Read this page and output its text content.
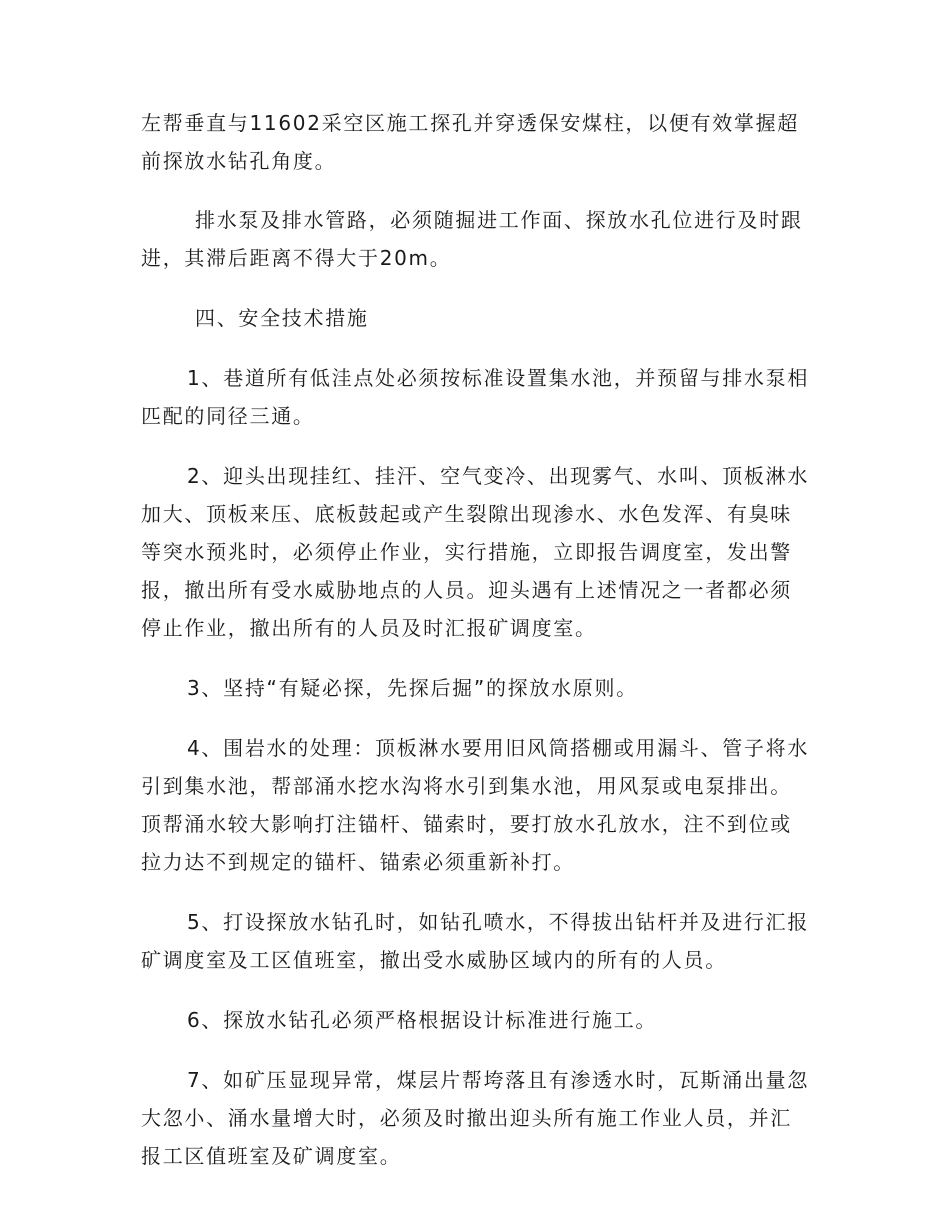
左帮垂直与11602采空区施工探孔并穿透保安煤柱，以便有效掌握超前探放水钻孔角度。

排水泵及排水管路，必须随掘进工作面、探放水孔位进行及时跟进，其滞后距离不得大于20m。

四、安全技术措施

1、巷道所有低洼点处必须按标准设置集水池，并预留与排水泵相匹配的同径三通。

2、迎头出现挂红、挂汗、空气变冷、出现雾气、水叫、顶板淋水加大、顶板来压、底板鼓起或产生裂隙出现渗水、水色发浑、有臭味等突水预兆时，必须停止作业，实行措施，立即报告调度室，发出警报，撤出所有受水威胁地点的人员。迎头遇有上述情况之一者都必须停止作业，撤出所有的人员及时汇报矿调度室。

3、坚持“有疑必探，先探后掘”的探放水原则。

4、围岩水的处理：顶板淋水要用旧风筒搭棚或用漏斗、管子将水引到集水池，帮部涌水挖水沟将水引到集水池，用风泵或电泵排出。顶帮涌水较大影响打注锚杆、锚索时，要打放水孔放水，注不到位或拉力达不到规定的锚杆、锚索必须重新补打。

5、打设探放水钻孔时，如钻孔喷水，不得拔出钻杆并及进行汇报矿调度室及工区值班室，撤出受水威胁区域内的所有的人员。

6、探放水钻孔必须严格根据设计标准进行施工。

7、如矿压显现异常，煤层片帮垮落且有渗透水时，瓦斯涌出量忽大忽小、涌水量增大时，必须及时撤出迎头所有施工作业人员，并汇报工区值班室及矿调度室。
